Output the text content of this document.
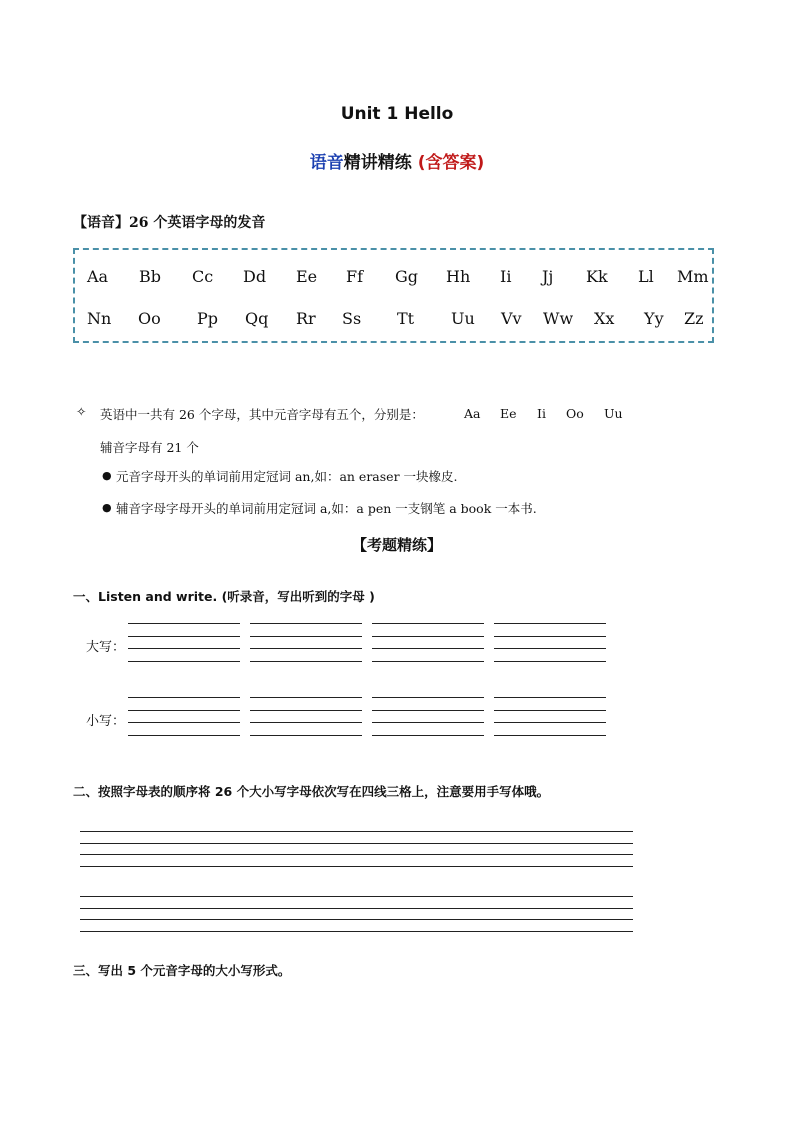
Unit 1 Hello
语音精讲精练 (含答案)
【语音】26 个英语字母的发音
Aa Bb Cc Dd Ee Ff Gg Hh Ii Jj Kk Ll Mm
Nn Oo Pp Qq Rr Ss Tt Uu Vv Ww Xx Yy Zz
✧ 英语中一共有 26 个字母，其中元音字母有五个，分别是：	Aa Ee Ii Oo Uu
辅音字母有 21 个
● 元音字母开头的单词前用定冠词 an,如：an eraser 一块橡皮.
● 辅音字母字母开头的单词前用定冠词 a,如：a pen 一支钢笔 a book 一本书.
【考题精练】
一、Listen and write. (听录音，写出听到的字母 )
大写：
小写：
二、按照字母表的顺序将 26 个大小写字母依次写在四线三格上，注意要用手写体哦。
三、写出 5 个元音字母的大小写形式。
